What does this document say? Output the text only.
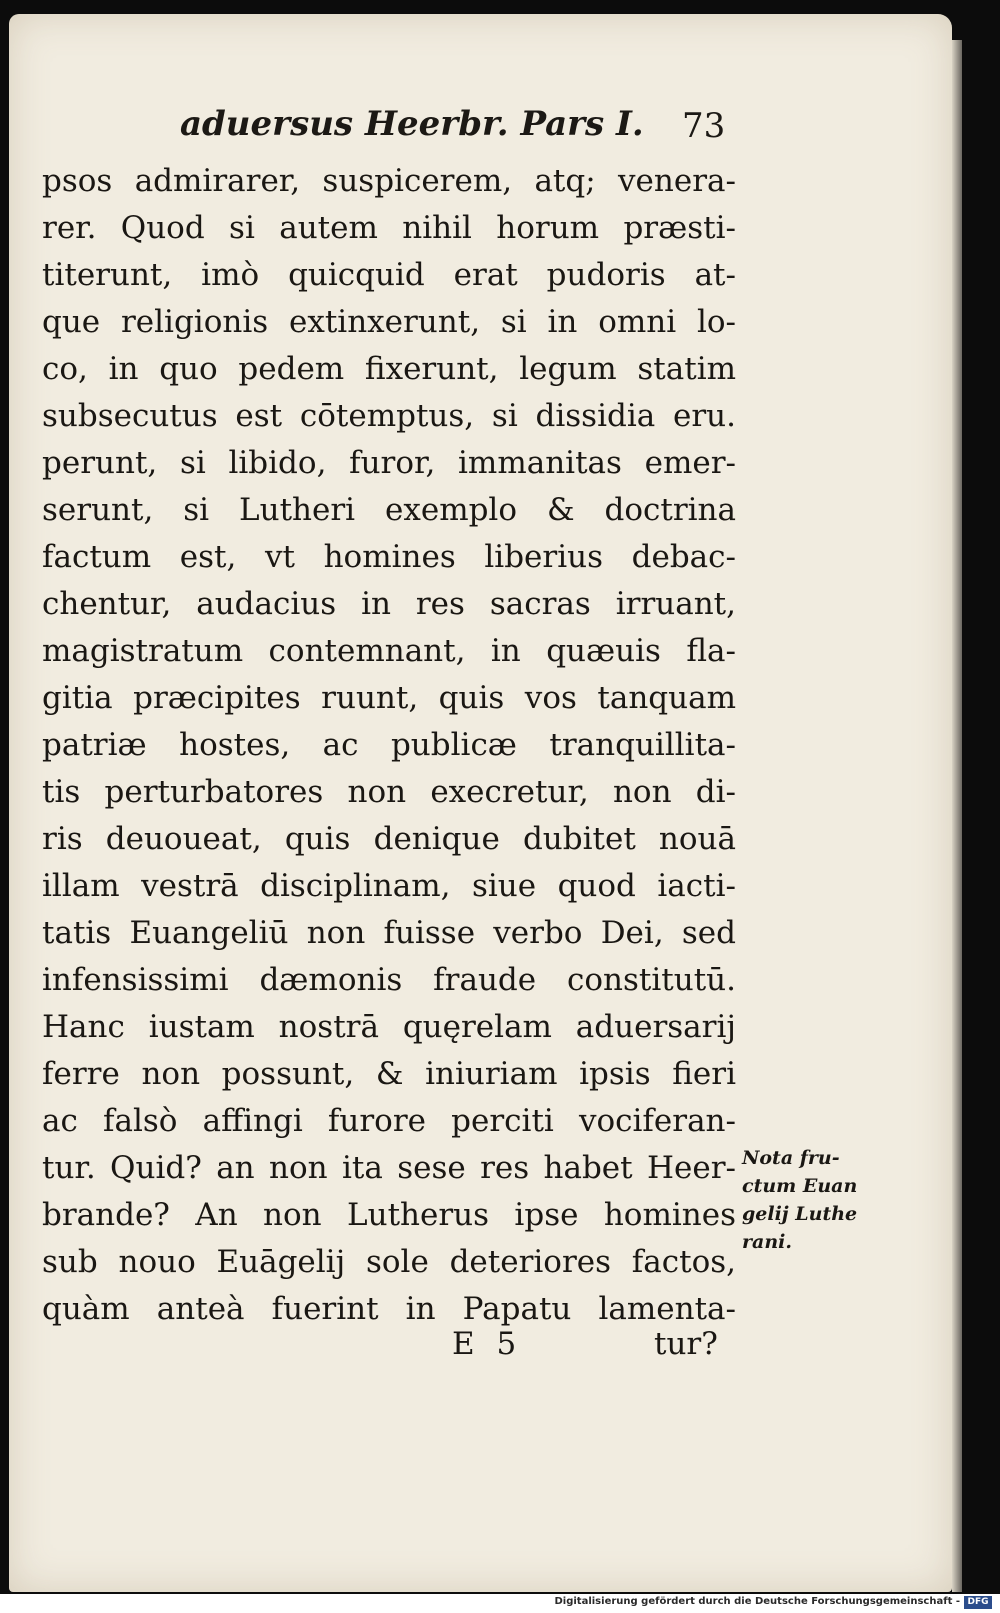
aduersus Heerbr. Pars I. 73
psos admirarer, suspicerem, atq; venera-
rer. Quod si autem nihil horum præsti-
titerunt, imò quicquid erat pudoris at-
que religionis extinxerunt, si in omni lo-
co, in quo pedem fixerunt, legum statim
subsecutus est cōtemptus, si dissidia eru.
perunt, si libido, furor, immanitas emer-
serunt, si Lutheri exemplo & doctrina
factum est, vt homines liberius debac-
chentur, audacius in res sacras irruant,
magistratum contemnant, in quæuis fla-
gitia præcipites ruunt, quis vos tanquam
patriæ hostes, ac publicæ tranquillita-
tis perturbatores non execretur, non di-
ris deuoueat, quis denique dubitet nouā
illam vestrā disciplinam, siue quod iacti-
tatis Euangeliū non fuisse verbo Dei, sed
infensissimi dæmonis fraude constitutū.
Hanc iustam nostrā quęrelam aduersarij
ferre non possunt, & iniuriam ipsis fieri
ac falsò affingi furore perciti vociferan-
tur. Quid? an non ita sese res habet Heer-
brande? An non Lutherus ipse homines
sub nouo Euāgelij sole deteriores factos,
quàm anteà fuerint in Papatu lamenta-
Nota fru-
ctum Euan
gelij Luthe
rani.
E 5	tur?
Digitalisierung gefördert durch die Deutsche Forschungsgemeinschaft - DFG
